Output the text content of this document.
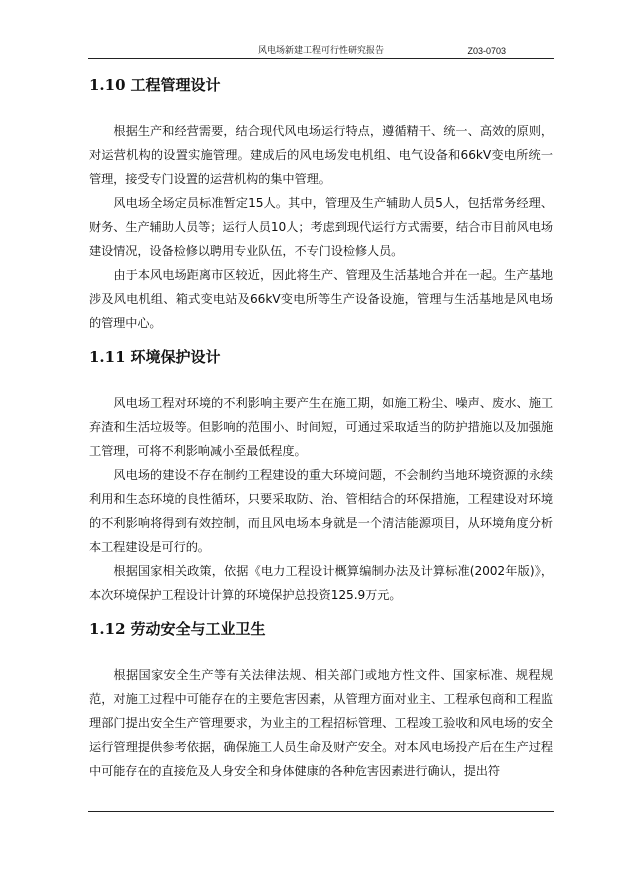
风电场新建工程可行性研究报告	Z03-0703
1.10 工程管理设计

根据生产和经营需要，结合现代风电场运行特点，遵循精干、统一、高效的原则，对运营机构的设置实施管理。建成后的风电场发电机组、电气设备和66kV变电所统一管理，接受专门设置的运营机构的集中管理。

风电场全场定员标准暂定15人。其中，管理及生产辅助人员5人，包括常务经理、财务、生产辅助人员等；运行人员10人；考虑到现代运行方式需要，结合市目前风电场建设情况，设备检修以聘用专业队伍，不专门设检修人员。

由于本风电场距离市区较近，因此将生产、管理及生活基地合并在一起。生产基地涉及风电机组、箱式变电站及66kV变电所等生产设备设施，管理与生活基地是风电场的管理中心。

1.11 环境保护设计

风电场工程对环境的不利影响主要产生在施工期，如施工粉尘、噪声、废水、施工弃渣和生活垃圾等。但影响的范围小、时间短，可通过采取适当的防护措施以及加强施工管理，可将不利影响减小至最低程度。

风电场的建设不存在制约工程建设的重大环境问题，不会制约当地环境资源的永续利用和生态环境的良性循环，只要采取防、治、管相结合的环保措施，工程建设对环境的不利影响将得到有效控制，而且风电场本身就是一个清洁能源项目，从环境角度分析本工程建设是可行的。

根据国家相关政策，依据《电力工程设计概算编制办法及计算标准(2002年版)》，本次环境保护工程设计计算的环境保护总投资125.9万元。

1.12 劳动安全与工业卫生

根据国家安全生产等有关法律法规、相关部门或地方性文件、国家标准、规程规范，对施工过程中可能存在的主要危害因素，从管理方面对业主、工程承包商和工程监理部门提出安全生产管理要求，为业主的工程招标管理、工程竣工验收和风电场的安全运行管理提供参考依据，确保施工人员生命及财产安全。对本风电场投产后在生产过程中可能存在的直接危及人身安全和身体健康的各种危害因素进行确认，提出符
